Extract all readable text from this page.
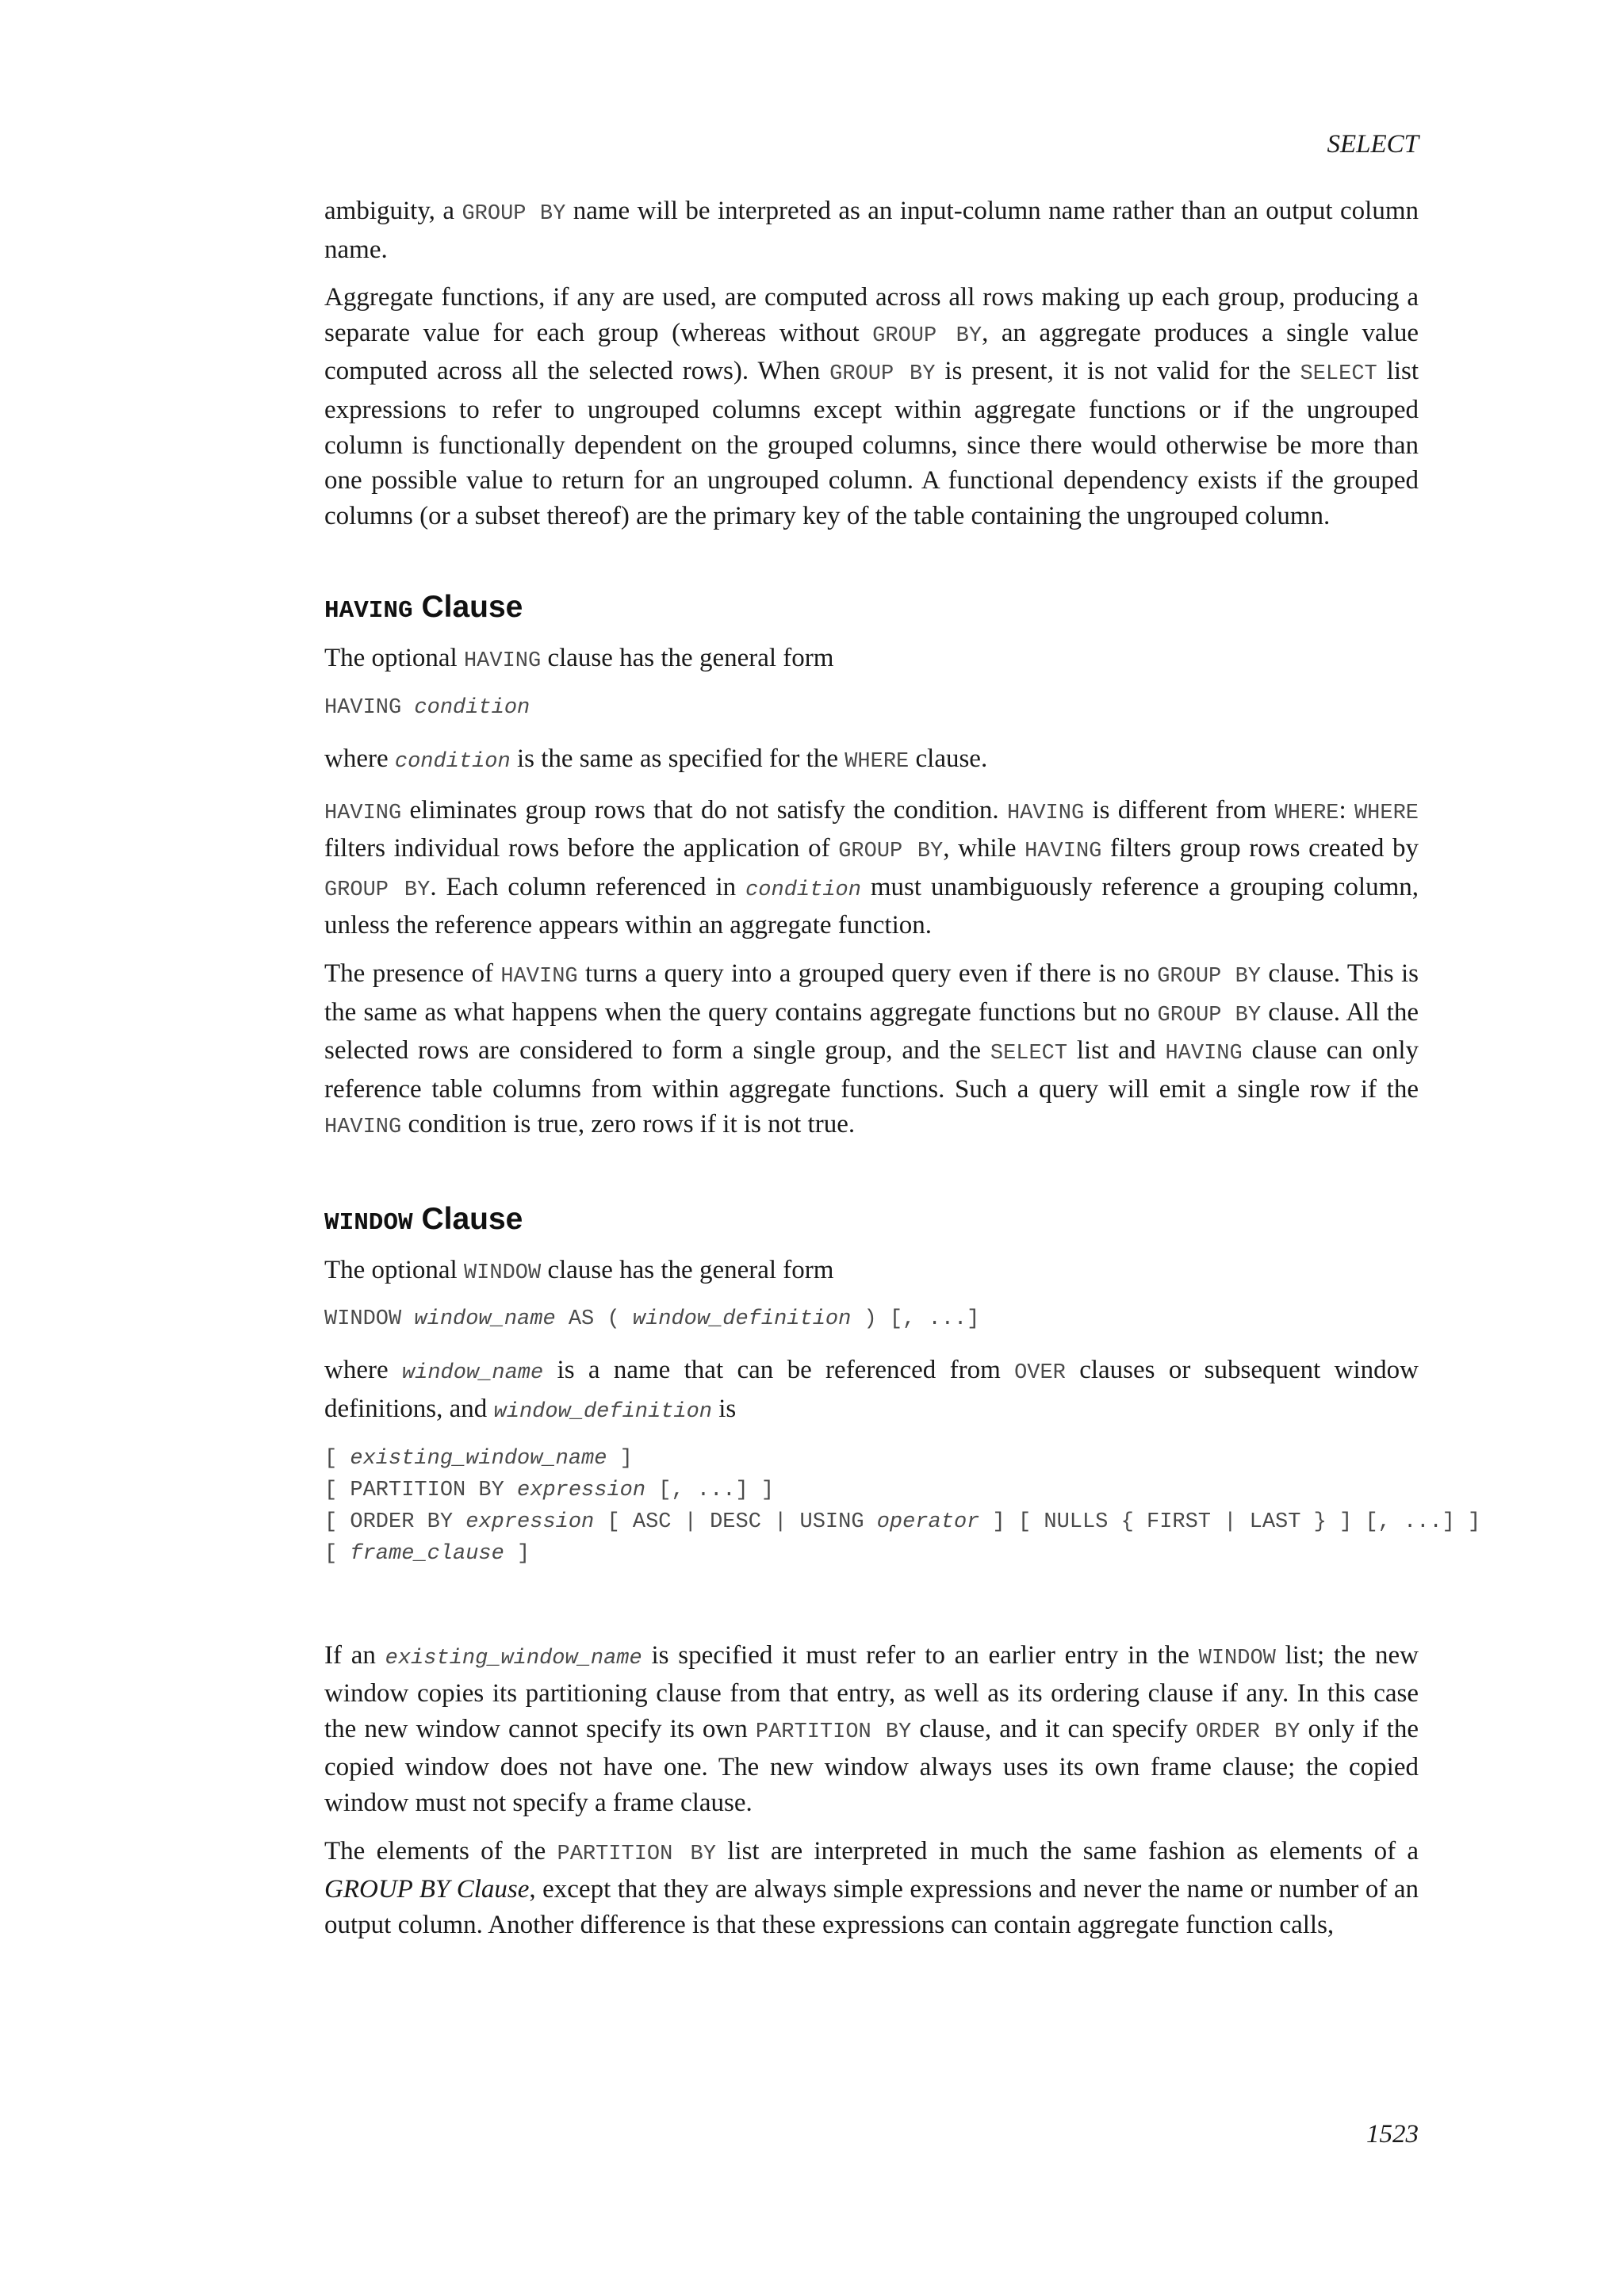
SELECT

ambiguity, a GROUP BY name will be interpreted as an input-column name rather than an output column name.

Aggregate functions, if any are used, are computed across all rows making up each group, producing a separate value for each group (whereas without GROUP BY, an aggregate produces a single value computed across all the selected rows). When GROUP BY is present, it is not valid for the SELECT list expressions to refer to ungrouped columns except within aggregate functions or if the ungrouped column is functionally dependent on the grouped columns, since there would otherwise be more than one possible value to return for an ungrouped column. A functional dependency exists if the grouped columns (or a subset thereof) are the primary key of the table containing the ungrouped column.

HAVING Clause

The optional HAVING clause has the general form

HAVING condition

where condition is the same as specified for the WHERE clause.

HAVING eliminates group rows that do not satisfy the condition. HAVING is different from WHERE: WHERE filters individual rows before the application of GROUP BY, while HAVING filters group rows created by GROUP BY. Each column referenced in condition must unambiguously reference a grouping column, unless the reference appears within an aggregate function.

The presence of HAVING turns a query into a grouped query even if there is no GROUP BY clause. This is the same as what happens when the query contains aggregate functions but no GROUP BY clause. All the selected rows are considered to form a single group, and the SELECT list and HAVING clause can only reference table columns from within aggregate functions. Such a query will emit a single row if the HAVING condition is true, zero rows if it is not true.

WINDOW Clause

The optional WINDOW clause has the general form

WINDOW window_name AS ( window_definition ) [, ...]

where window_name is a name that can be referenced from OVER clauses or subsequent window definitions, and window_definition is

[ existing_window_name ]
[ PARTITION BY expression [, ...] ]
[ ORDER BY expression [ ASC | DESC | USING operator ] [ NULLS { FIRST | LAST } ] [, ...] ]
[ frame_clause ]

If an existing_window_name is specified it must refer to an earlier entry in the WINDOW list; the new window copies its partitioning clause from that entry, as well as its ordering clause if any. In this case the new window cannot specify its own PARTITION BY clause, and it can specify ORDER BY only if the copied window does not have one. The new window always uses its own frame clause; the copied window must not specify a frame clause.

The elements of the PARTITION BY list are interpreted in much the same fashion as elements of a GROUP BY Clause, except that they are always simple expressions and never the name or number of an output column. Another difference is that these expressions can contain aggregate function calls,

1523
